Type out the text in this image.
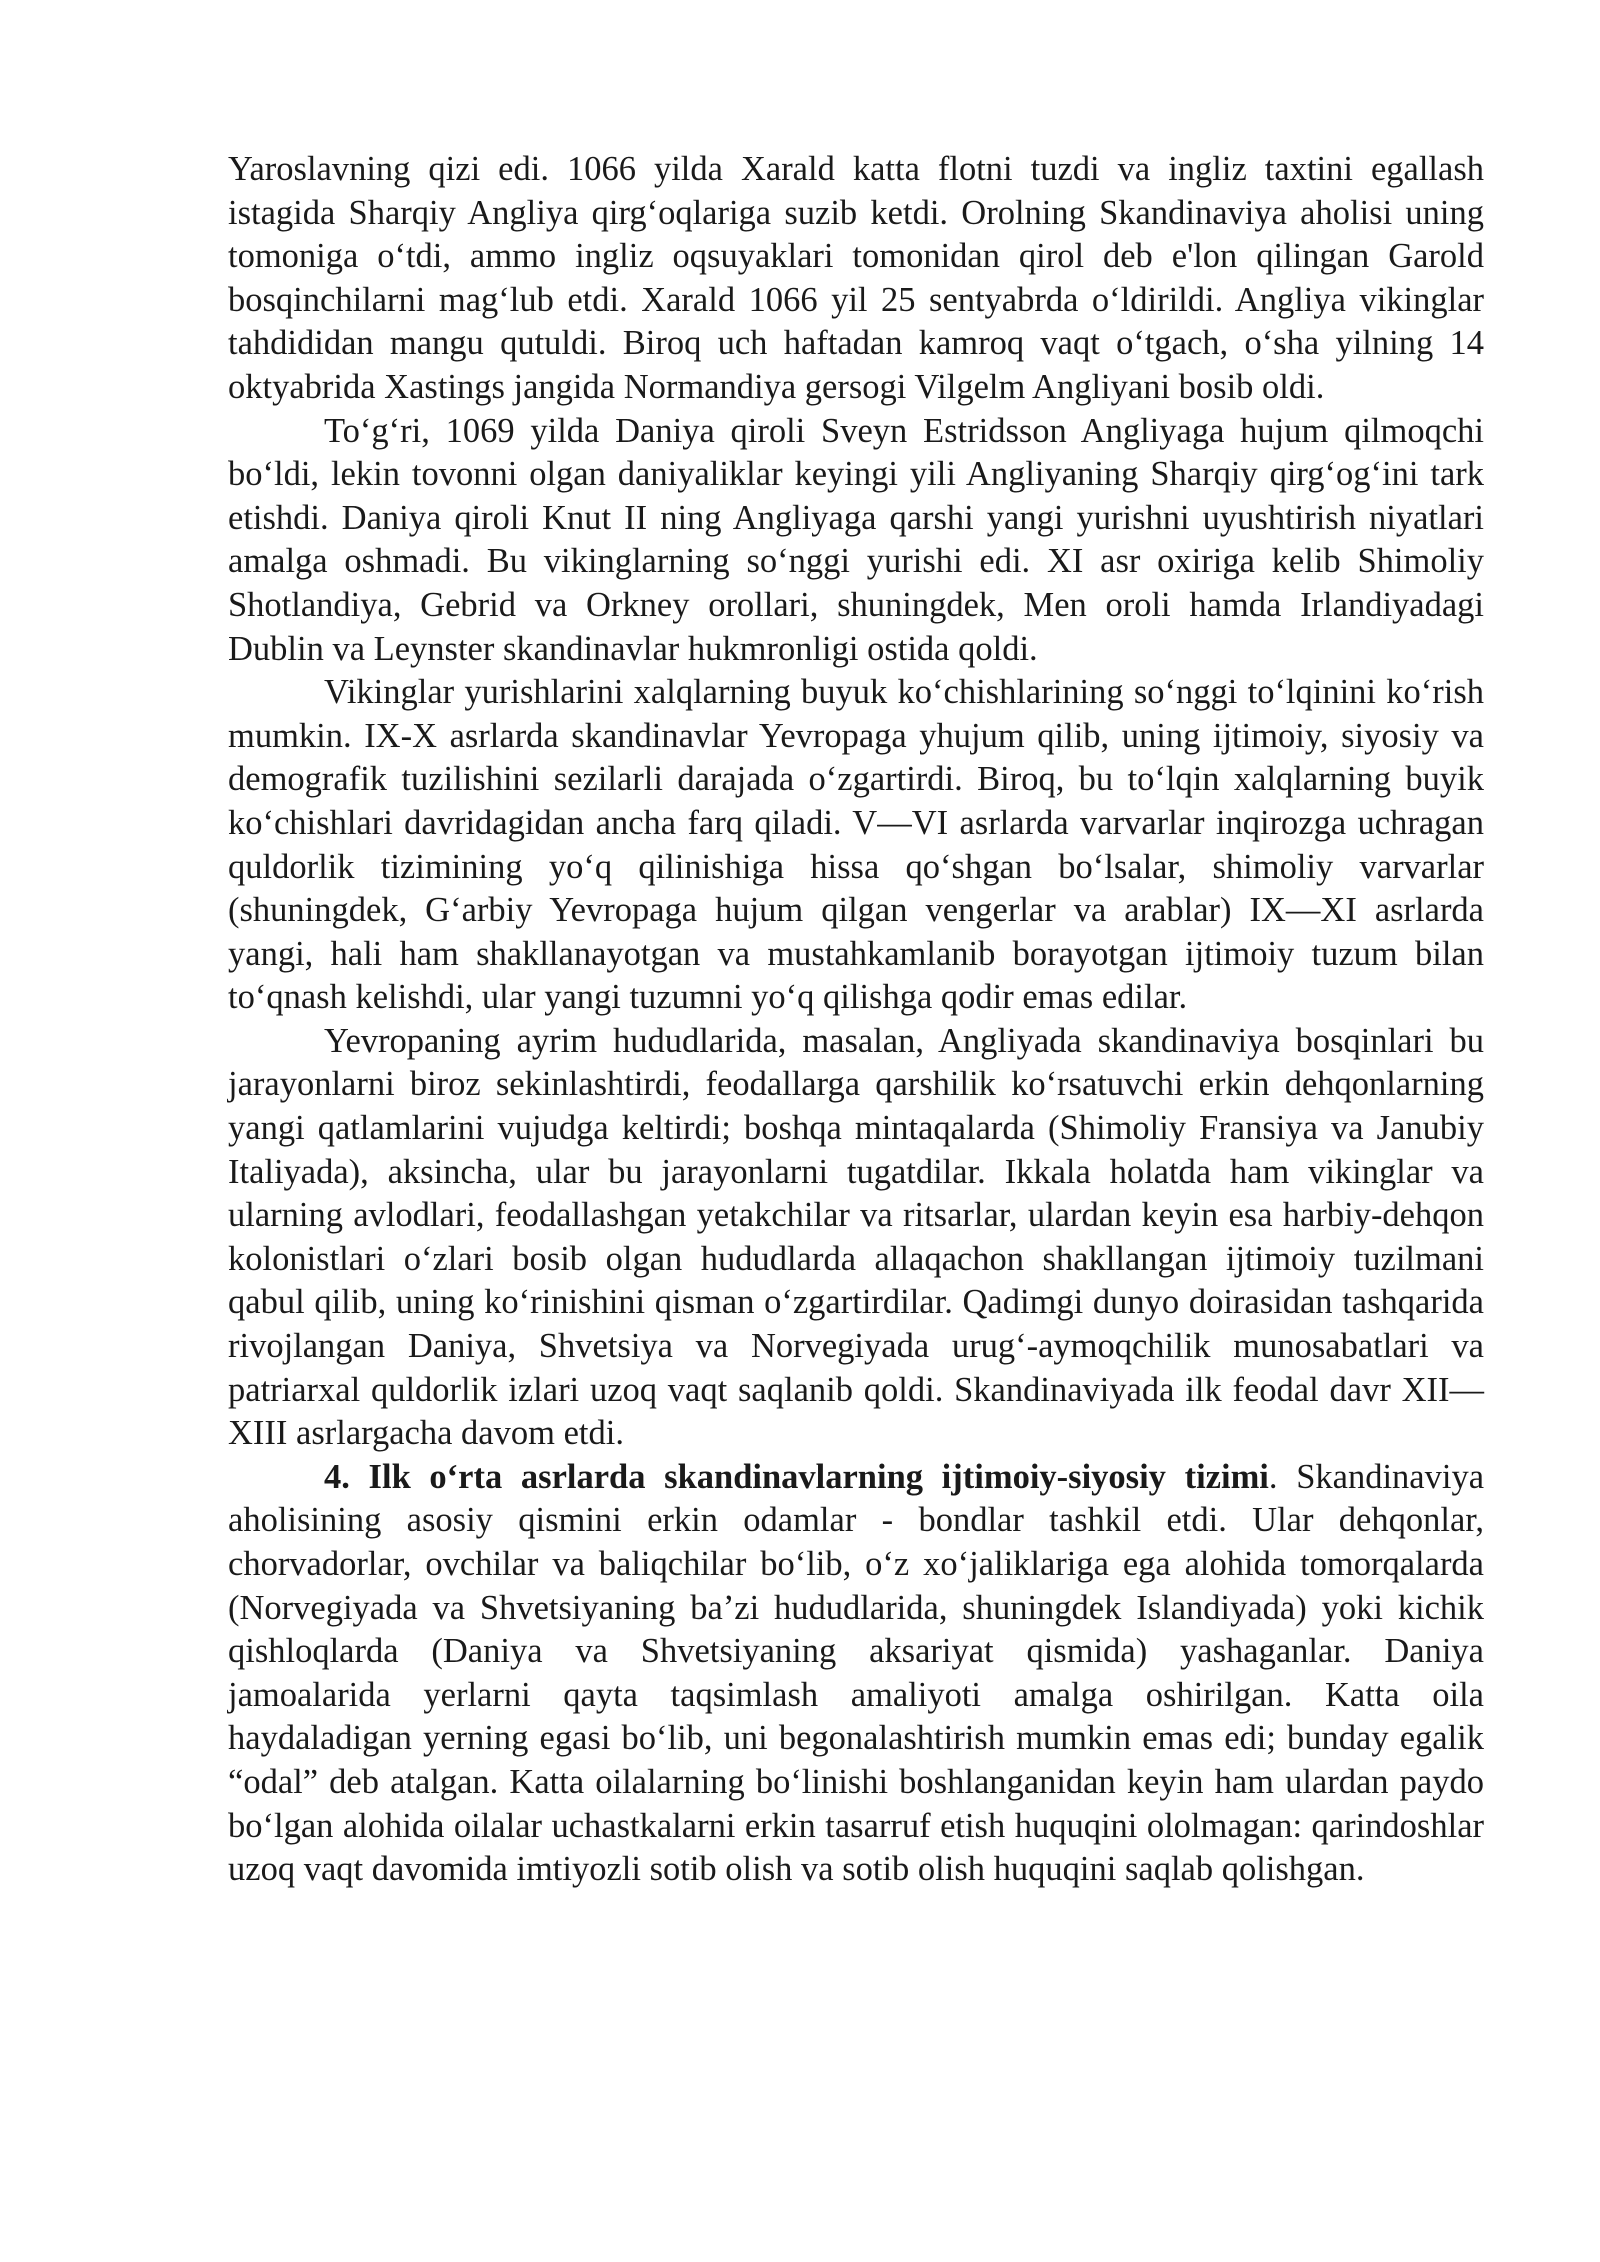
Yaroslavning qizi edi. 1066 yilda Xarald katta flotni tuzdi va ingliz taxtini egallash istagida Sharqiy Angliya qirgʻoqlariga suzib ketdi. Orolning Skandinaviya aholisi uning tomoniga oʻtdi, ammo ingliz oqsuyaklari tomonidan qirol deb e'lon qilingan Garold bosqinchilarni magʻlub etdi. Xarald 1066 yil 25 sentyabrda oʻldirildi. Angliya vikinglar tahdididan mangu qutuldi. Biroq uch haftadan kamroq vaqt oʻtgach, oʻsha yilning 14 oktyabrida Xastings jangida Normandiya gersogi Vilgelm Angliyani bosib oldi.

Toʻgʻri, 1069 yilda Daniya qiroli Sveyn Estridsson Angliyaga hujum qilmoqchi boʻldi, lekin tovonni olgan daniyaliklar keyingi yili Angliyaning Sharqiy qirgʻogʻini tark etishdi. Daniya qiroli Knut II ning Angliyaga qarshi yangi yurishni uyushtirish niyatlari amalga oshmadi. Bu vikinglarning soʻnggi yurishi edi. XI asr oxiriga kelib Shimoliy Shotlandiya, Gebrid va Orkney orollari, shuningdek, Men oroli hamda Irlandiyadagi Dublin va Leynster skandinavlar hukmronligi ostida qoldi.

Vikinglar yurishlarini xalqlarning buyuk koʻchishlarining soʻnggi toʻlqinini koʻrish mumkin. IX-X asrlarda skandinavlar Yevropaga yhujum qilib, uning ijtimoiy, siyosiy va demografik tuzilishini sezilarli darajada oʻzgartirdi. Biroq, bu toʻlqin xalqlarning buyik koʻchishlari davridagidan ancha farq qiladi. V—VI asrlarda varvarlar inqirozga uchragan quldorlik tizimining yoʻq qilinishiga hissa qoʻshgan boʻlsalar, shimoliy varvarlar (shuningdek, Gʻarbiy Yevropaga hujum qilgan vengerlar va arablar) IX—XI asrlarda yangi, hali ham shakllanayotgan va mustahkamlanib borayotgan ijtimoiy tuzum bilan toʻqnash kelishdi, ular yangi tuzumni yoʻq qilishga qodir emas edilar.

Yevropaning ayrim hududlarida, masalan, Angliyada skandinaviya bosqinlari bu jarayonlarni biroz sekinlashtirdi, feodallarga qarshilik koʻrsatuvchi erkin dehqonlarning yangi qatlamlarini vujudga keltirdi; boshqa mintaqalarda (Shimoliy Fransiya va Janubiy Italiyada), aksincha, ular bu jarayonlarni tugatdilar. Ikkala holatda ham vikinglar va ularning avlodlari, feodallashgan yetakchilar va ritsarlar, ulardan keyin esa harbiy-dehqon kolonistlari oʻzlari bosib olgan hududlarda allaqachon shakllangan ijtimoiy tuzilmani qabul qilib, uning koʻrinishini qisman oʻzgartirdilar. Qadimgi dunyo doirasidan tashqarida rivojlangan Daniya, Shvetsiya va Norvegiyada urugʻ-aymoqchilik munosabatlari va patriarxal quldorlik izlari uzoq vaqt saqlanib qoldi. Skandinaviyada ilk feodal davr XII—XIII asrlargacha davom etdi.

4. Ilk oʻrta asrlarda skandinavlarning ijtimoiy-siyosiy tizimi. Skandinaviya aholisining asosiy qismini erkin odamlar - bondlar tashkil etdi. Ular dehqonlar, chorvadorlar, ovchilar va baliqchilar boʻlib, oʻz xoʻjaliklariga ega alohida tomorqalarda (Norvegiyada va Shvetsiyaning baʼzi hududlarida, shuningdek Islandiyada) yoki kichik qishloqlarda (Daniya va Shvetsiyaning aksariyat qismida) yashaganlar. Daniya jamoalarida yerlarni qayta taqsimlash amaliyoti amalga oshirilgan. Katta oila haydaladigan yerning egasi boʻlib, uni begonalashtirish mumkin emas edi; bunday egalik “odal” deb atalgan. Katta oilalarning boʻlinishi boshlanganidan keyin ham ulardan paydo boʻlgan alohida oilalar uchastkalarni erkin tasarruf etish huquqini ololmagan: qarindoshlar uzoq vaqt davomida imtiyozli sotib olish va sotib olish huquqini saqlab qolishgan.
